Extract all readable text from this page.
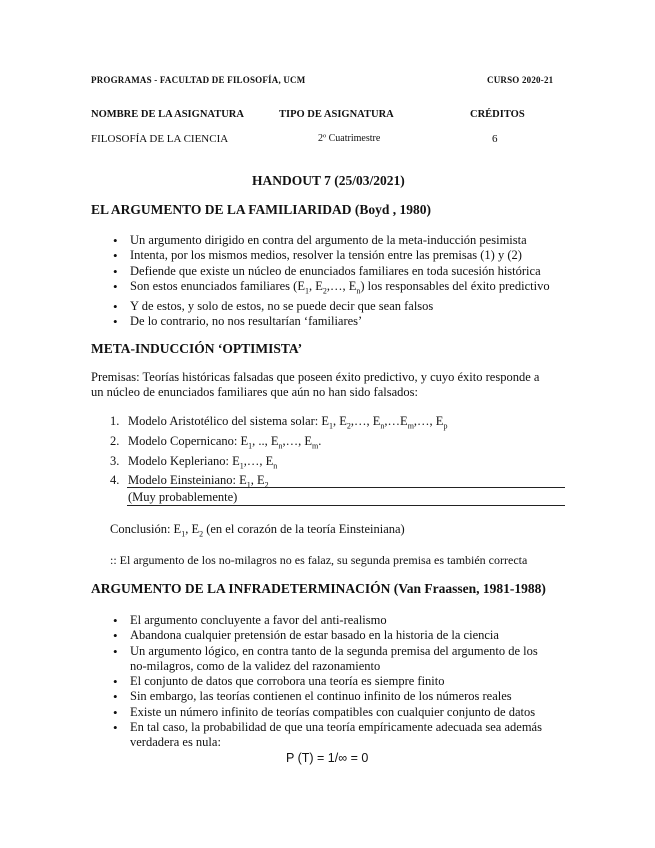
PROGRAMAS - FACULTAD DE FILOSOFÍA, UCM	CURSO 2020-21
NOMBRE DE LA ASIGNATURA	TIPO DE ASIGNATURA	CRÉDITOS
FILOSOFÍA DE LA CIENCIA	2º Cuatrimestre	6
HANDOUT 7 (25/03/2021)
EL ARGUMENTO DE LA FAMILIARIDAD (Boyd , 1980)
• Un argumento dirigido en contra del argumento de la meta-inducción pesimista
• Intenta, por los mismos medios, resolver la tensión entre las premisas (1) y (2)
• Defiende que existe un núcleo de enunciados familiares en toda sucesión histórica
• Son estos enunciados familiares ($E_1$, $E_2,\dots$, $E_n$) los responsables del éxito predictivo
• Y de estos, y solo de estos, no se puede decir que sean falsos
• De lo contrario, no nos resultarían ‘familiares’
META-INDUCCIÓN ‘OPTIMISTA’
Premisas: Teorías históricas falsadas que poseen éxito predictivo, y cuyo éxito responde a
un núcleo de enunciados familiares que aún no han sido falsados:
1. Modelo Aristotélico del sistema solar: $E_1$, $E_2,\dots$, $E_n,\dots E_m,\dots$, $E_p$
2. Modelo Copernicano: $E_1$, .., $E_n,\dots$, $E_m$.
3. Modelo Kepleriano: $E_1,\dots$, $E_n$
4. Modelo Einsteiniano: $E_1$, $E_2$
(Muy probablemente)
Conclusión: $E_1$, $E_2$ (en el corazón de la teoría Einsteiniana)
:: El argumento de los no-milagros no es falaz, su segunda premisa es también correcta
ARGUMENTO DE LA INFRADETERMINACIÓN (Van Fraassen, 1981-1988)
• El argumento concluyente a favor del anti-realismo
• Abandona cualquier pretensión de estar basado en la historia de la ciencia
• Un argumento lógico, en contra tanto de la segunda premisa del argumento de los
no-milagros, como de la validez del razonamiento
• El conjunto de datos que corrobora una teoría es siempre finito
• Sin embargo, las teorías contienen el continuo infinito de los números reales
• Existe un número infinito de teorías compatibles con cualquier conjunto de datos
• En tal caso, la probabilidad de que una teoría empíricamente adecuada sea además
verdadera es nula:
P (T) = 1/∞ = 0
